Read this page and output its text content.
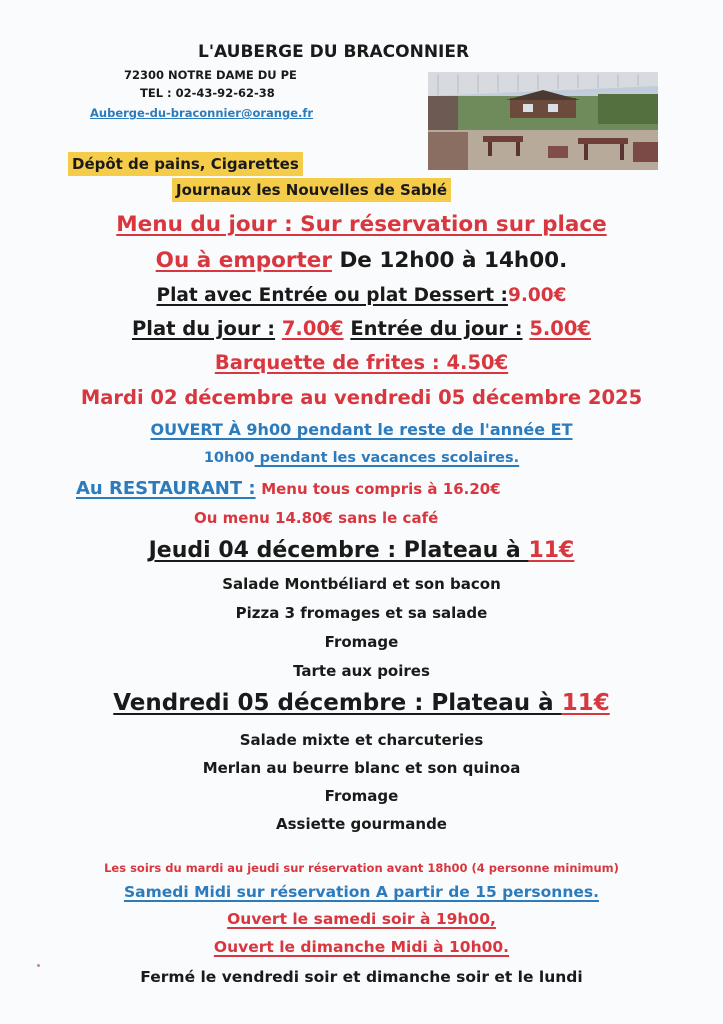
L'AUBERGE DU BRACONNIER
72300 NOTRE DAME DU PE
TEL : 02-43-92-62-38
Auberge-du-braconnier@orange.fr
Dépôt de pains, Cigarettes
Journaux les Nouvelles de Sablé
Menu du jour : Sur réservation sur place
Ou à emporter De 12h00 à 14h00.
Plat avec Entrée ou plat Dessert :9.00€
Plat du jour : 7.00€ Entrée du jour : 5.00€
Barquette de frites : 4.50€
Mardi 02 décembre au vendredi 05 décembre 2025
OUVERT À 9h00 pendant le reste de l'année ET
10h00 pendant les vacances scolaires.
Au RESTAURANT : Menu tous compris à 16.20€
Ou menu 14.80€ sans le café
Jeudi 04 décembre : Plateau à 11€
Salade Montbéliard et son bacon
Pizza 3 fromages et sa salade
Fromage
Tarte aux poires
Vendredi 05 décembre : Plateau à 11€
Salade mixte et charcuteries
Merlan au beurre blanc et son quinoa
Fromage
Assiette gourmande
Les soirs du mardi au jeudi sur réservation avant 18h00 (4 personne minimum)
Samedi Midi sur réservation A partir de 15 personnes.
Ouvert le samedi soir à 19h00,
Ouvert le dimanche Midi à 10h00.
Fermé le vendredi soir et dimanche soir et le lundi
